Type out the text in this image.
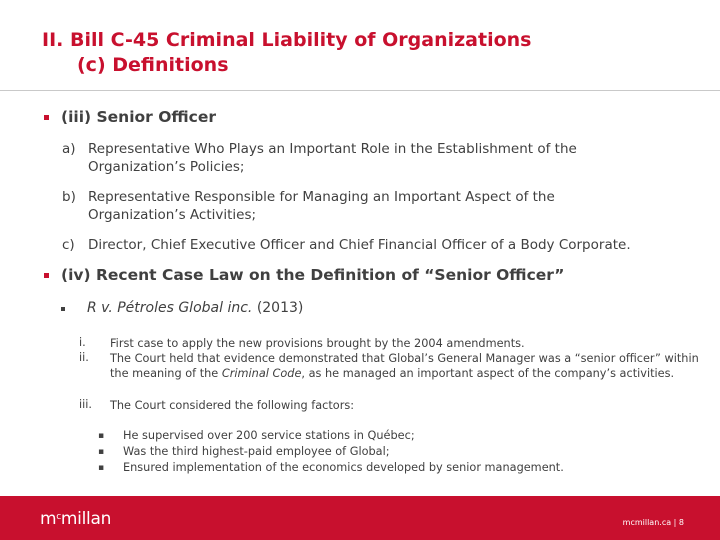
II. Bill C-45 Criminal Liability of Organizations
(c) Definitions
(iii) Senior Officer
a) Representative Who Plays an Important Role in the Establishment of the Organization’s Policies;
b) Representative Responsible for Managing an Important Aspect of the Organization’s Activities;
c) Director, Chief Executive Officer and Chief Financial Officer of a Body Corporate.
(iv) Recent Case Law on the Definition of “Senior Officer”
R v. Pétroles Global inc. (2013)
i. First case to apply the new provisions brought by the 2004 amendments.
ii. The Court held that evidence demonstrated that Global’s General Manager was a “senior officer” within the meaning of the Criminal Code, as he managed an important aspect of the company’s activities.
iii. The Court considered the following factors:
▪ He supervised over 200 service stations in Québec;
▪ Was the third highest-paid employee of Global;
▪ Ensured implementation of the economics developed by senior management.
$m^cmillan$	mcmillan.ca | 8
